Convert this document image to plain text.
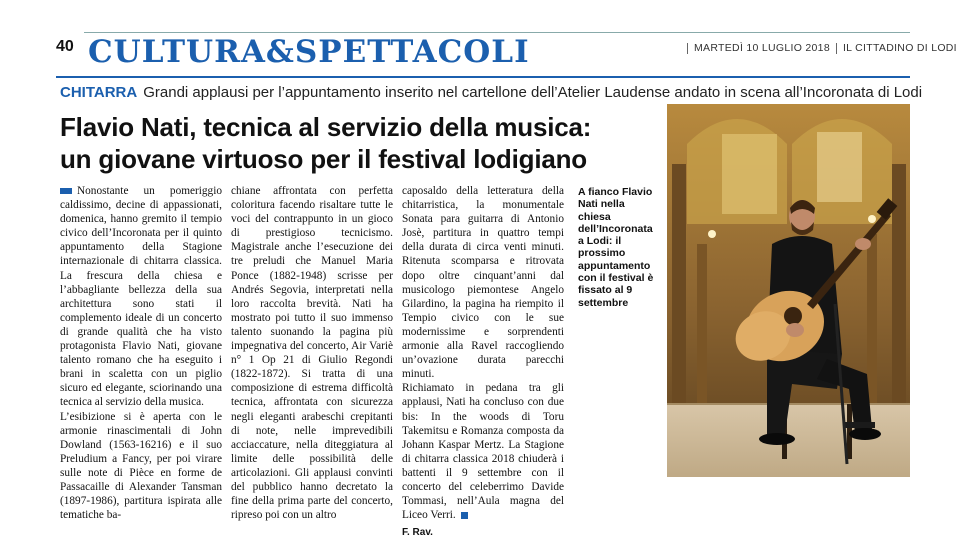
40 CULTURA&SPETTACOLI	MARTEDÌ 10 LUGLIO 2018 IL CITTADINO DI LODI
CHITARRA Grandi applausi per l’appuntamento inserito nel cartellone dell’Atelier Laudense andato in scena all’Incoronata di Lodi
Flavio Nati, tecnica al servizio della musica:
un giovane virtuoso per il festival lodigiano
Nonostante un pomeriggio caldissimo, decine di appassionati, domenica, hanno gremito il tempio civico dell’Incoronata per il quinto appuntamento della Stagione internazionale di chitarra classica. La frescura della chiesa e l’abbagliante bellezza della sua architettura sono stati il complemento ideale di un concerto di grande qualità che ha visto protagonista Flavio Nati, giovane talento romano che ha eseguito i brani in scaletta con un piglio sicuro ed elegante, sciorinando una tecnica al servizio della musica.
L’esibizione si è aperta con le armonie rinascimentali di John Dowland (1563-16216) e il suo Preludium a Fancy, per poi virare sulle note di Pièce en forme de Passacaille di Alexander Tansman (1897-1986), partitura ispirata alle tematiche ba-
chiane affrontata con perfetta coloritura facendo risaltare tutte le voci del contrappunto in un gioco di prestigioso tecnicismo. Magistrale anche l’esecuzione dei tre preludi che Manuel Maria Ponce (1882-1948) scrisse per Andrés Segovia, interpretati nella loro raccolta brevità. Nati ha mostrato poi tutto il suo immenso talento suonando la pagina più impegnativa del concerto, Air Variè n° 1 Op 21 di Giulio Regondi (1822-1872). Si tratta di una composizione di estrema difficoltà tecnica, affrontata con sicurezza negli eleganti arabeschi crepitanti di note, nelle imprevedibili acciaccature, nella diteggiatura al limite delle possibilità delle articolazioni. Gli applausi convinti del pubblico hanno decretato la fine della prima parte del concerto, ripreso poi con un altro
caposaldo della letteratura della chitarristica, la monumentale Sonata para guitarra di Antonio Josè, partitura in quattro tempi della durata di circa venti minuti. Ritenuta scomparsa e ritrovata dopo oltre cinquant’anni dal musicologo piemontese Angelo Gilardino, la pagina ha riempito il Tempio civico con le sue modernissime e sorprendenti armonie alla Ravel raccogliendo un’ovazione durata parecchi minuti.
Richiamato in pedana tra gli applausi, Nati ha concluso con due bis: In the woods di Toru Takemitsu e Romanza composta da Johann Kaspar Mertz. La Stagione di chitarra classica 2018 chiuderà i battenti il 9 settembre con il concerto del celeberrimo Davide Tommasi, nell’Aula magna del Liceo Verri.
F. Rav.
A fianco Flavio Nati nella chiesa dell’Incoronata a Lodi: il prossimo appuntamento con il festival è fissato al 9 settembre
